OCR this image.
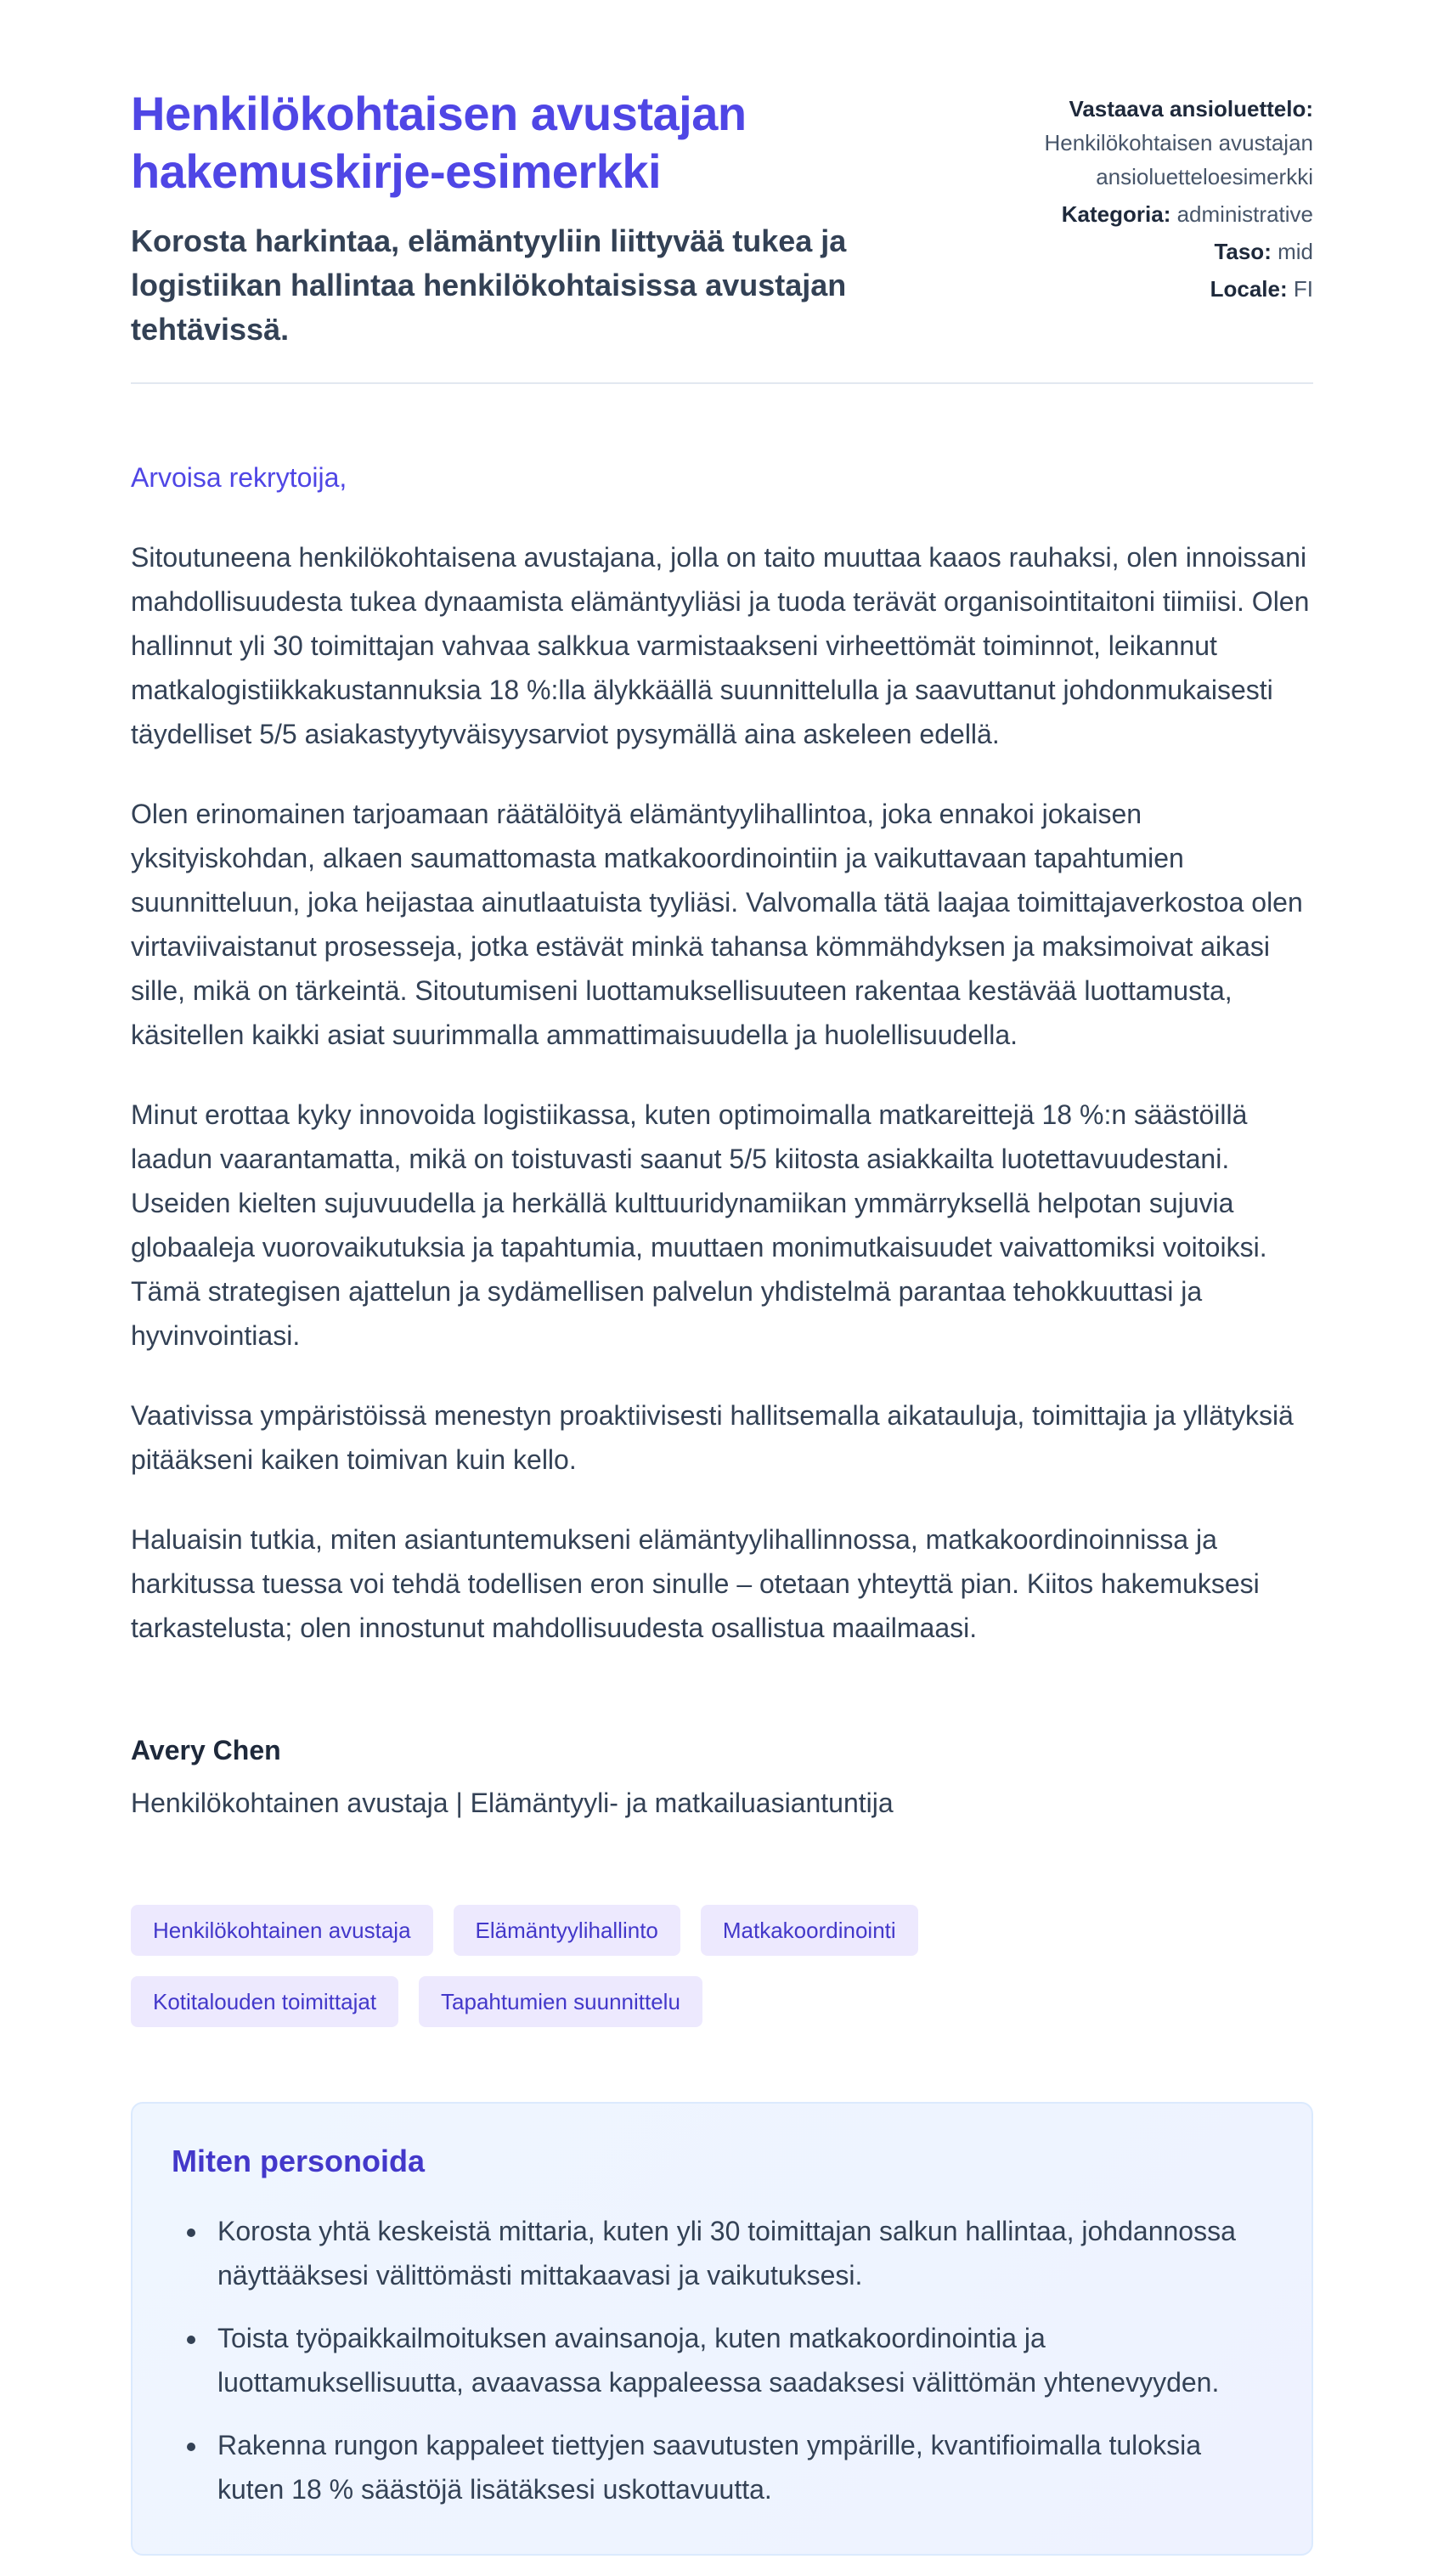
Henkilökohtaisen avustajan hakemuskirje-esimerkki

Korosta harkintaa, elämäntyyliin liittyvää tukea ja logistiikan hallintaa henkilökohtaisissa avustajan tehtävissä.

Vastaava ansioluettelo:
Henkilökohtaisen avustajan ansioluetteloesimerkki
Kategoria: administrative
Taso: mid
Locale: FI

Arvoisa rekrytoija,

Sitoutuneena henkilökohtaisena avustajana, jolla on taito muuttaa kaaos rauhaksi, olen innoissani mahdollisuudesta tukea dynaamista elämäntyyliäsi ja tuoda terävät organisointitaitoni tiimiisi. Olen hallinnut yli 30 toimittajan vahvaa salkkua varmistaakseni virheettömät toiminnot, leikannut matkalogistiikkakustannuksia 18 %:lla älykkäällä suunnittelulla ja saavuttanut johdonmukaisesti täydelliset 5/5 asiakastyytyväisyysarviot pysymällä aina askeleen edellä.

Olen erinomainen tarjoamaan räätälöityä elämäntyylihallintoa, joka ennakoi jokaisen yksityiskohdan, alkaen saumattomasta matkakoordinointiin ja vaikuttavaan tapahtumien suunnitteluun, joka heijastaa ainutlaatuista tyyliäsi. Valvomalla tätä laajaa toimittajaverkostoa olen virtaviivaistanut prosesseja, jotka estävät minkä tahansa kömmähdyksen ja maksimoivat aikasi sille, mikä on tärkeintä. Sitoutumiseni luottamuksellisuuteen rakentaa kestävää luottamusta, käsitellen kaikki asiat suurimmalla ammattimaisuudella ja huolellisuudella.

Minut erottaa kyky innovoida logistiikassa, kuten optimoimalla matkareittejä 18 %:n säästöillä laadun vaarantamatta, mikä on toistuvasti saanut 5/5 kiitosta asiakkailta luotettavuudestani. Useiden kielten sujuvuudella ja herkällä kulttuuridynamiikan ymmärryksellä helpotan sujuvia globaaleja vuorovaikutuksia ja tapahtumia, muuttaen monimutkaisuudet vaivattomiksi voitoiksi. Tämä strategisen ajattelun ja sydämellisen palvelun yhdistelmä parantaa tehokkuuttasi ja hyvinvointiasi.

Vaativissa ympäristöissä menestyn proaktiivisesti hallitsemalla aikatauluja, toimittajia ja yllätyksiä pitääkseni kaiken toimivan kuin kello.

Haluaisin tutkia, miten asiantuntemukseni elämäntyylihallinnossa, matkakoordinoinnissa ja harkitussa tuessa voi tehdä todellisen eron sinulle – otetaan yhteyttä pian. Kiitos hakemuksesi tarkastelusta; olen innostunut mahdollisuudesta osallistua maailmaasi.

Avery Chen

Henkilökohtainen avustaja | Elämäntyyli- ja matkailuasiantuntija

Henkilökohtainen avustaja	Elämäntyylihallinto	Matkakoordinointi
Kotitalouden toimittajat	Tapahtumien suunnittelu
Miten personoida
• Korosta yhtä keskeistä mittaria, kuten yli 30 toimittajan salkun hallintaa, johdannossa näyttääksesi välittömästi mittakaavasi ja vaikutuksesi.
• Toista työpaikkailmoituksen avainsanoja, kuten matkakoordinointia ja luottamuksellisuutta, avaavassa kappaleessa saadaksesi välittömän yhtenevyyden.
• Rakenna rungon kappaleet tiettyjen saavutusten ympärille, kvantifioimalla tuloksia kuten 18 % säästöjä lisätäksesi uskottavuutta.
